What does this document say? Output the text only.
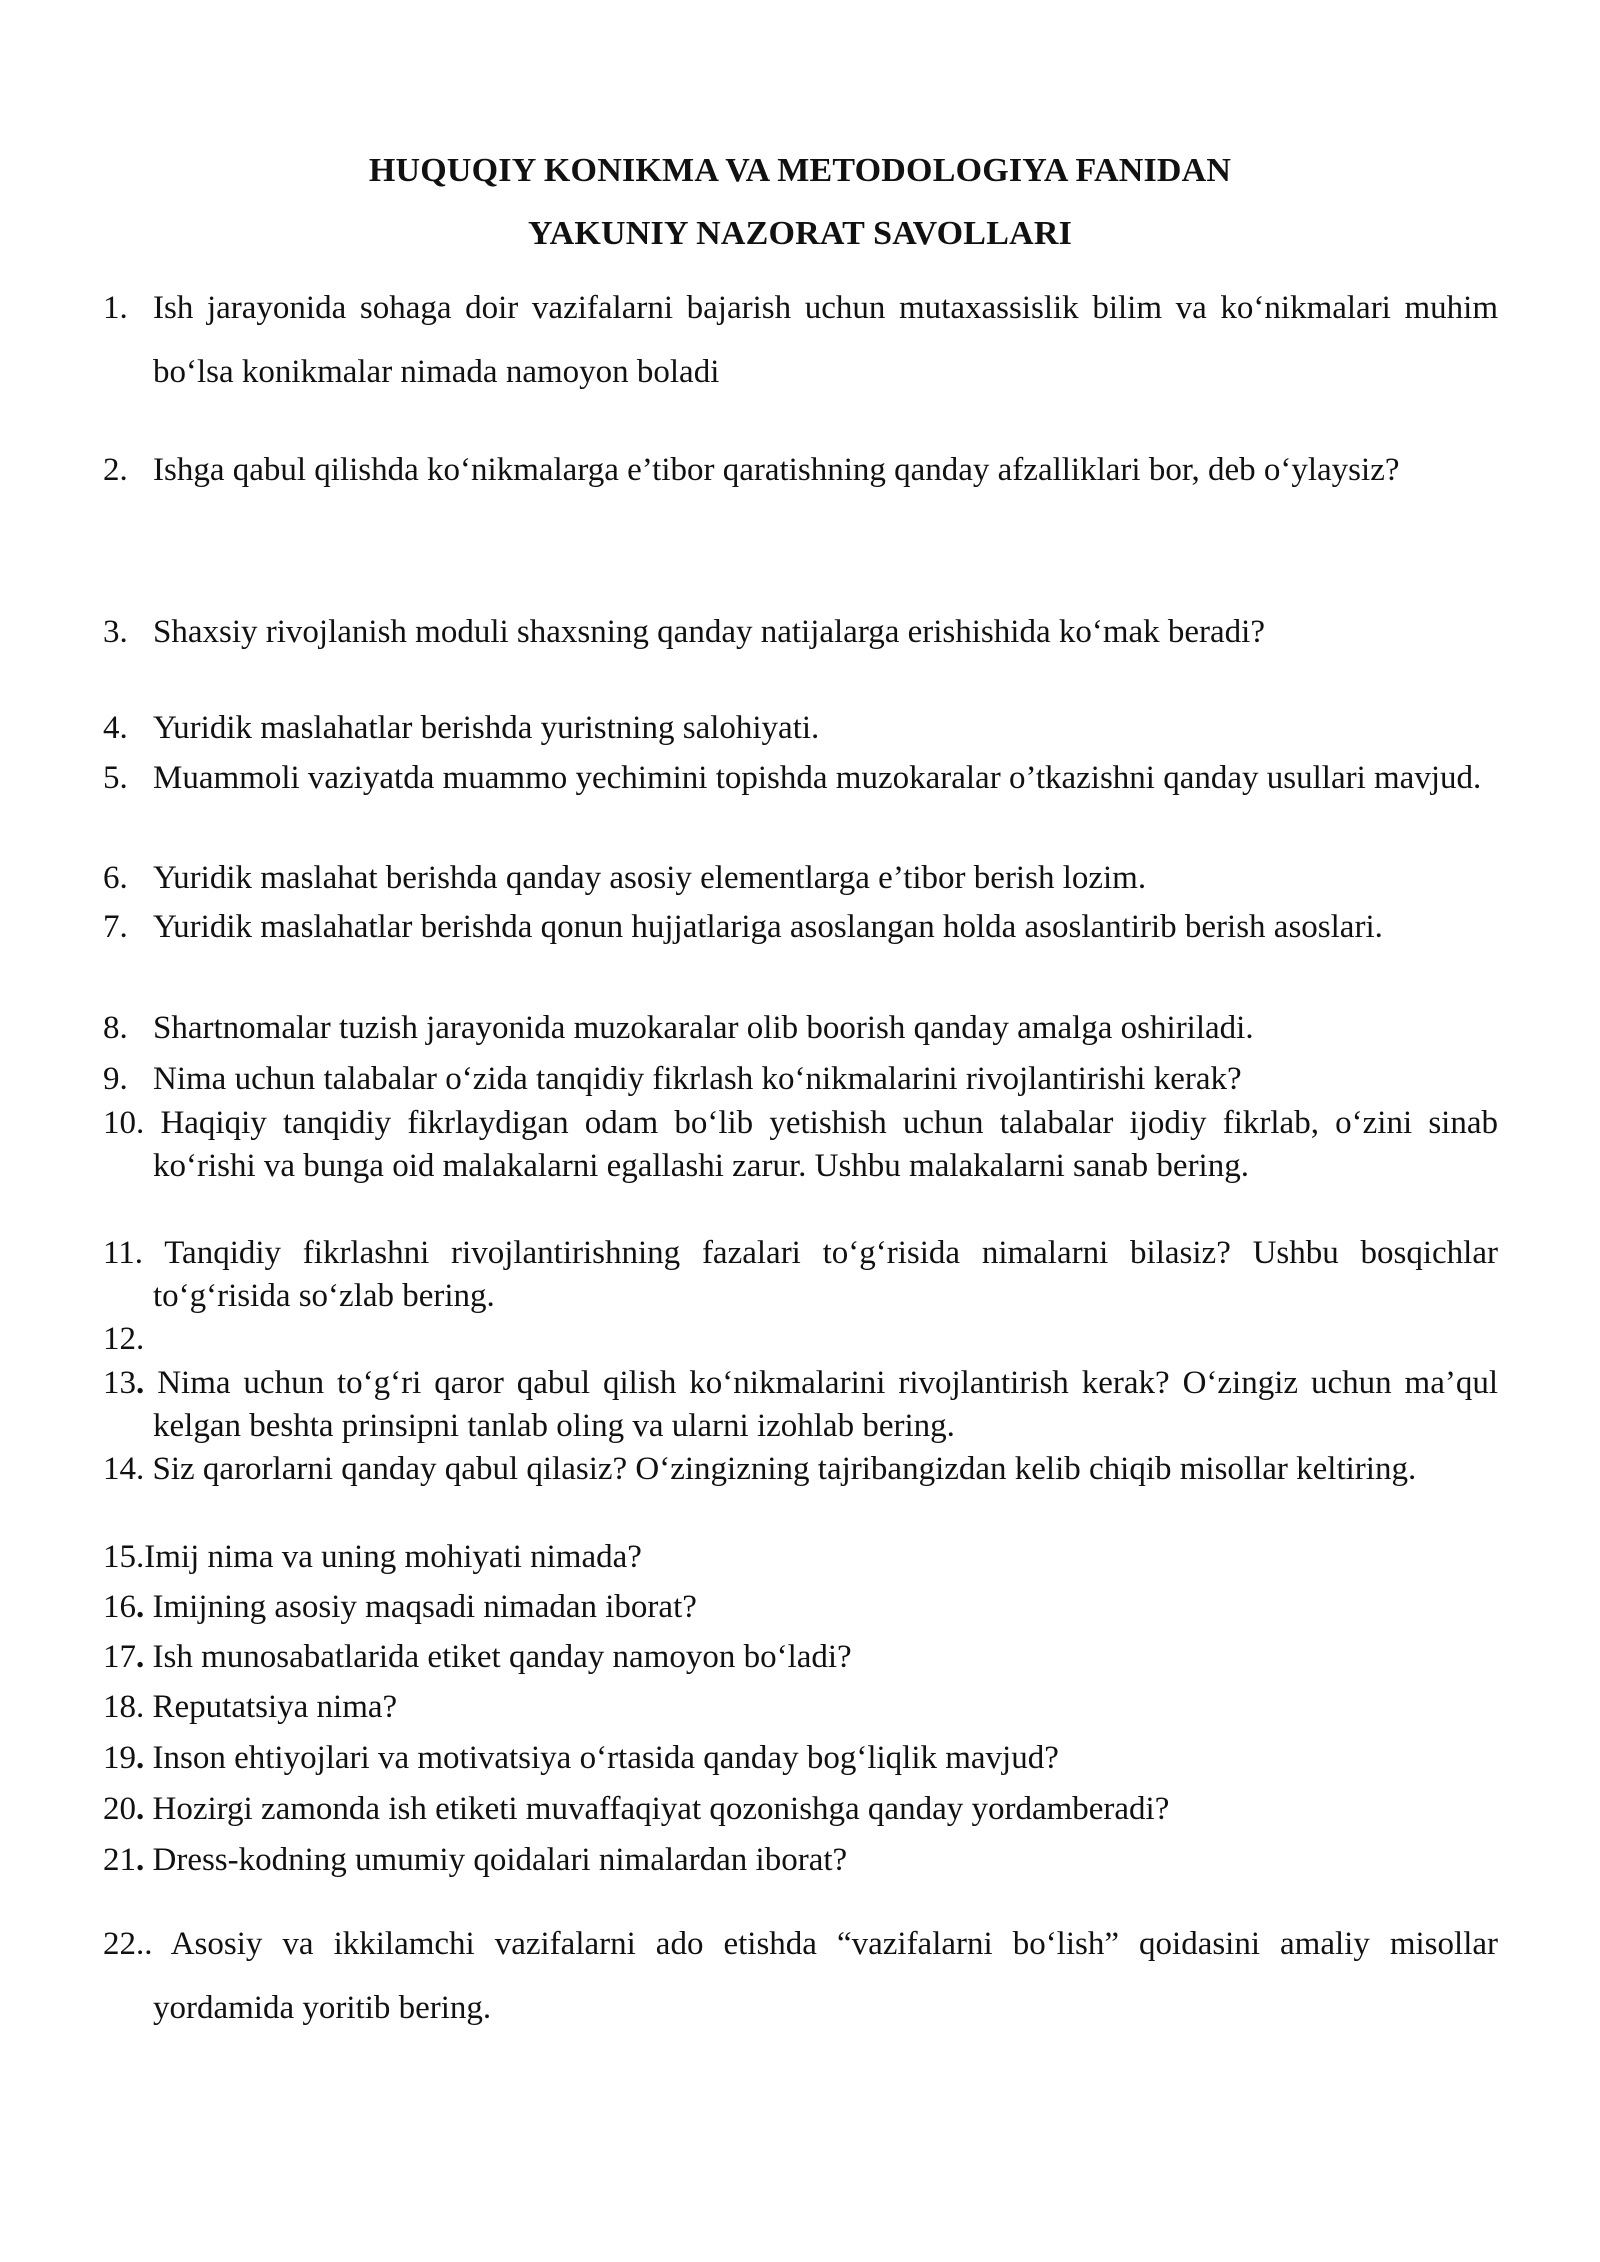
HUQUQIY KONIKMA VA METODOLOGIYA FANIDAN
YAKUNIY NAZORAT SAVOLLARI
1. Ish jarayonida sohaga doir vazifalarni bajarish uchun mutaxassislik bilim va ko‘nikmalari muhim bo‘lsa konikmalar nimada namoyon boladi
2. Ishga qabul qilishda ko‘nikmalarga e’tibor qaratishning qanday afzalliklari bor, deb o‘ylaysiz?
3. Shaxsiy rivojlanish moduli shaxsning qanday natijalarga erishishida ko‘mak beradi?
4. Yuridik maslahatlar berishda yuristning salohiyati.
5. Muammoli vaziyatda muammo yechimini topishda muzokaralar o’tkazishni qanday usullari mavjud.
6. Yuridik maslahat berishda qanday asosiy elementlarga e’tibor berish lozim.
7. Yuridik maslahatlar berishda qonun hujjatlariga asoslangan holda asoslantirib berish asoslari.
8. Shartnomalar tuzish jarayonida muzokaralar olib boorish qanday amalga oshiriladi.
9. Nima uchun talabalar o‘zida tanqidiy fikrlash ko‘nikmalarini rivojlantirishi kerak?
10. Haqiqiy tanqidiy fikrlaydigan odam bo‘lib yetishish uchun talabalar ijodiy fikrlab, o‘zini sinab ko‘rishi va bunga oid malakalarni egallashi zarur. Ushbu malakalarni sanab bering.
11. Tanqidiy fikrlashni rivojlantirishning fazalari to‘g‘risida nimalarni bilasiz? Ushbu bosqichlar to‘g‘risida so‘zlab bering.
12.
13. Nima uchun to‘g‘ri qaror qabul qilish ko‘nikmalarini rivojlantirish kerak? O‘zingiz uchun ma’qul kelgan beshta prinsipni tanlab oling va ularni izohlab bering.
14. Siz qarorlarni qanday qabul qilasiz? O‘zingizning tajribangizdan kelib chiqib misollar keltiring.
15.Imij nima va uning mohiyati nimada?
16. Imijning asosiy maqsadi nimadan iborat?
17. Ish munosabatlarida etiket qanday namoyon bo‘ladi?
18. Reputatsiya nima?
19. Inson ehtiyojlari va motivatsiya o‘rtasida qanday bog‘liqlik mavjud?
20. Hozirgi zamonda ish etiketi muvaffaqiyat qozonishga qanday yordamberadi?
21. Dress-kodning umumiy qoidalari nimalardan iborat?
22.. Asosiy va ikkilamchi vazifalarni ado etishda “vazifalarni bo‘lish” qoidasini amaliy misollar yordamida yoritib bering.
